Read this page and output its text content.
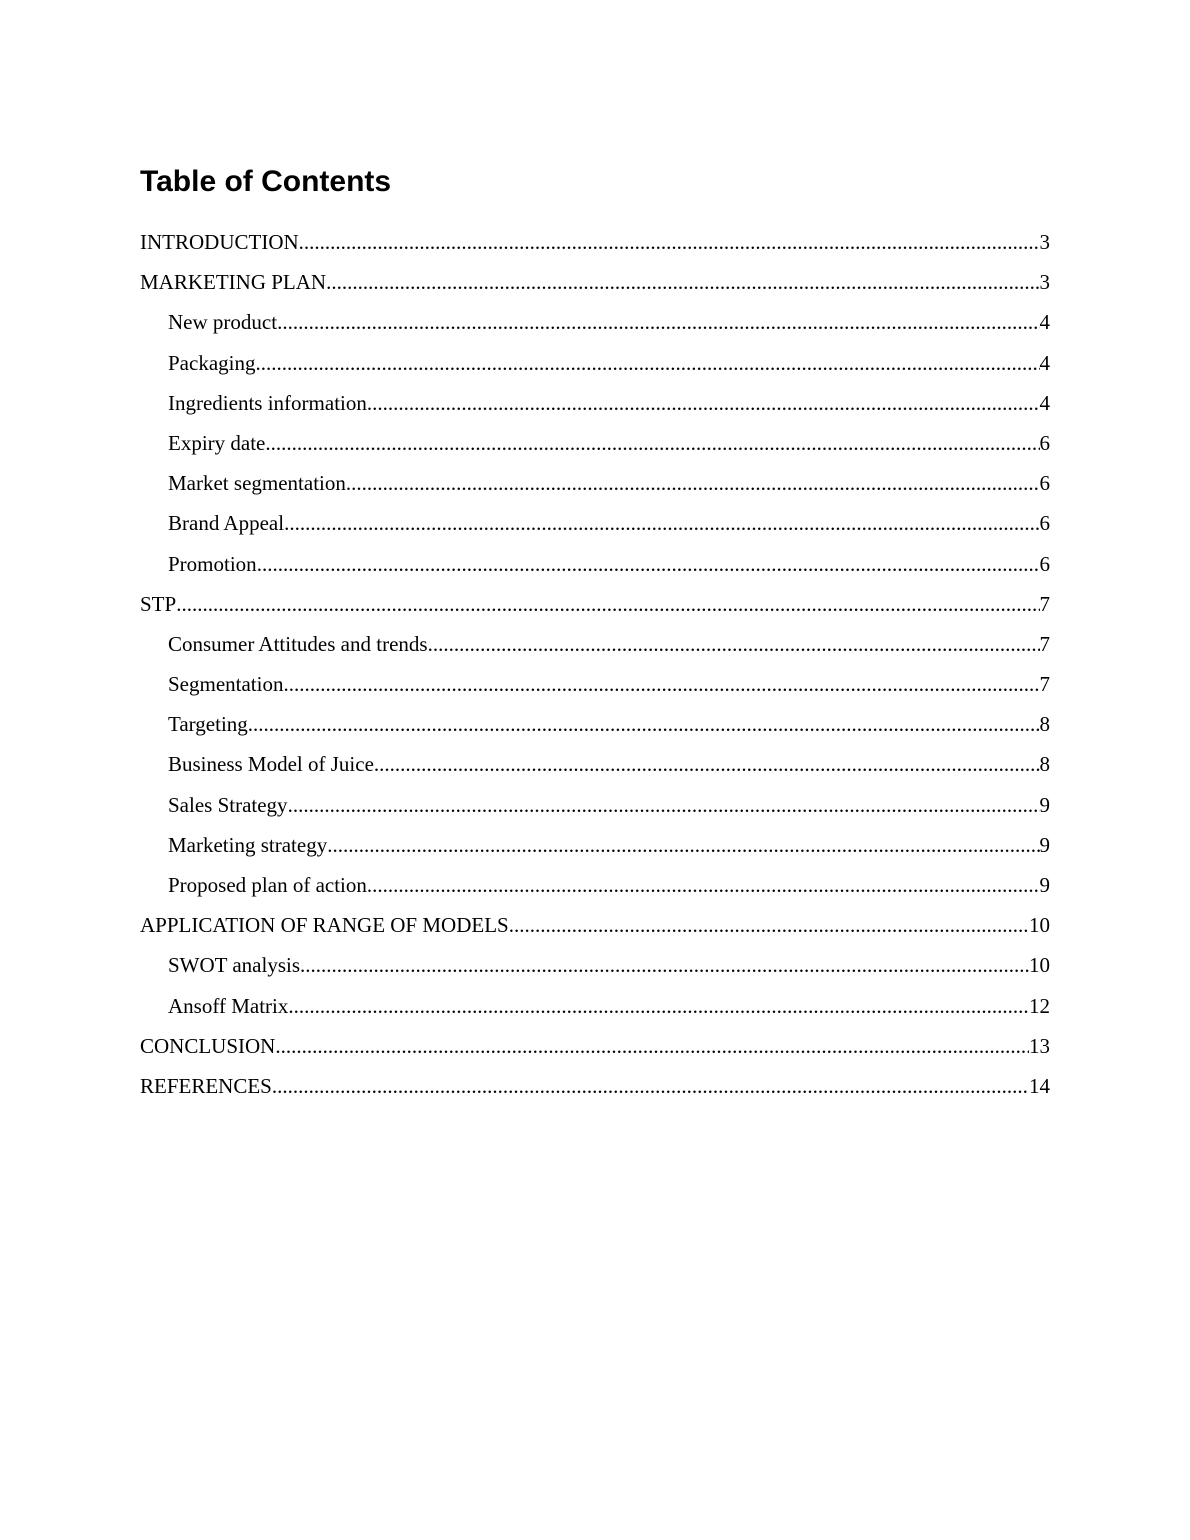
Table of Contents
INTRODUCTION .....	3
MARKETING PLAN .....	3
New product .....	4
Packaging .....	4
Ingredients information .....	4
Expiry date .....	6
Market segmentation .....	6
Brand Appeal .....	6
Promotion .....	6
STP .....	7
Consumer Attitudes and trends .....	7
Segmentation .....	7
Targeting .....	8
Business Model of Juice .....	8
Sales Strategy .....	9
Marketing strategy .....	9
Proposed plan of action .....	9
APPLICATION OF RANGE OF MODELS .....	10
SWOT analysis .....	10
Ansoff Matrix .....	12
CONCLUSION .....	13
REFERENCES .....	14
